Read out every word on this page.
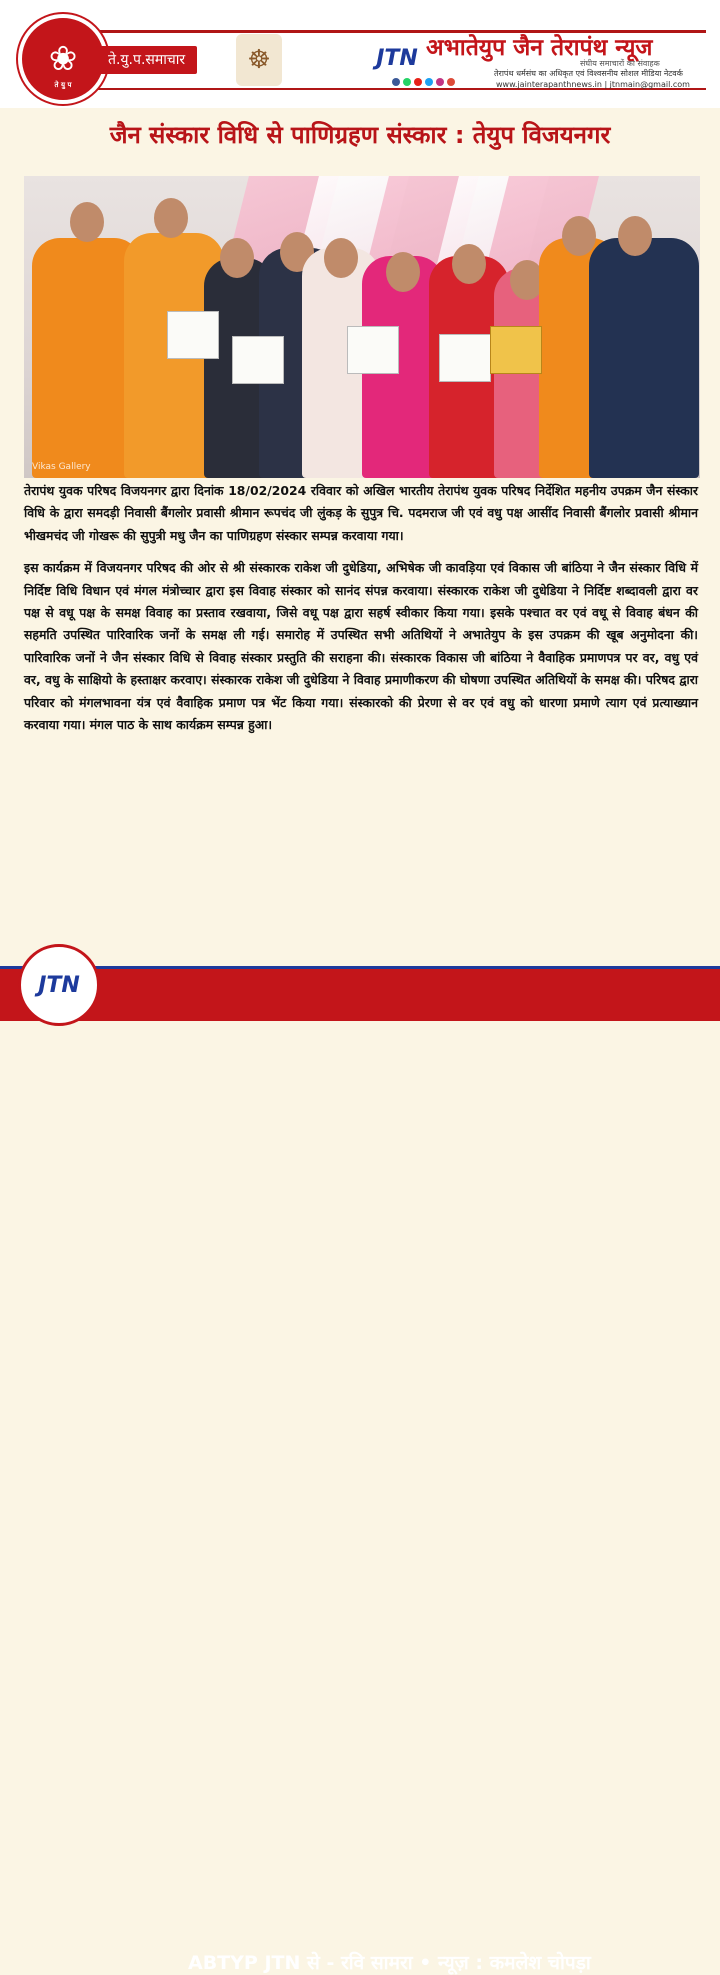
❀
ते यु प
ते.यु.प.समाचार	☸	JTN अभातेयुप जैन तेरापंथ न्यूज
संघीय समाचारों का संवाहक
तेरापंथ धर्मसंघ का अधिकृत एवं विश्वसनीय सोशल मीडिया नेटवर्क
www.jainterapanthnews.in | jtnmain@gmail.com
जैन संस्कार विधि से पाणिग्रहण संस्कार : तेयुप विजयनगर
Vikas Gallery

तेरापंथ युवक परिषद विजयनगर द्वारा दिनांक 18/02/2024 रविवार को अखिल भारतीय तेरापंथ युवक परिषद निर्देशित महनीय उपक्रम जैन संस्कार विधि के द्वारा समदड़ी निवासी बैंगलोर प्रवासी श्रीमान रूपचंद जी लुंकड़ के सुपुत्र चि. पदमराज जी एवं वधु पक्ष आसींद निवासी बैंगलोर प्रवासी श्रीमान भीखमचंद जी गोखरू की सुपुत्री मधु जैन का पाणिग्रहण संस्कार सम्पन्न करवाया गया।

इस कार्यक्रम में विजयनगर परिषद की ओर से श्री संस्कारक राकेश जी दुधेडिया, अभिषेक जी कावड़िया एवं विकास जी बांठिया ने जैन संस्कार विधि में निर्दिष्ट विधि विधान एवं मंगल मंत्रोच्चार द्वारा इस विवाह संस्कार को सानंद संपन्न करवाया। संस्कारक राकेश जी दुधेडिया ने निर्दिष्ट शब्दावली द्वारा वर पक्ष से वधू पक्ष के समक्ष विवाह का प्रस्ताव रखवाया, जिसे वधू पक्ष द्वारा सहर्ष स्वीकार किया गया। इसके पश्चात वर एवं वधू से विवाह बंधन की सहमति उपस्थित पारिवारिक जनों के समक्ष ली गई। समारोह में उपस्थित सभी अतिथियों ने अभातेयुप के इस उपक्रम की खूब अनुमोदना की। पारिवारिक जनों ने जैन संस्कार विधि से विवाह संस्कार प्रस्तुति की सराहना की। संस्कारक विकास जी बांठिया ने वैवाहिक प्रमाणपत्र पर वर, वधु एवं वर, वधु के साक्षियो के हस्ताक्षर करवाए। संस्कारक राकेश जी दुधेडिया ने विवाह प्रमाणीकरण की घोषणा उपस्थित अतिथियों के समक्ष की। परिषद द्वारा परिवार को मंगलभावना यंत्र एवं वैवाहिक प्रमाण पत्र भेंट किया गया। संस्कारको की प्रेरणा से वर एवं वधु को धारणा प्रमाणे त्याग एवं प्रत्याख्यान करवाया गया। मंगल पाठ के साथ कार्यक्रम सम्पन्न हुआ।

ABTYP JTN से - रवि सामरा • न्यूज़ : कमलेश चोपड़ा
JTN
